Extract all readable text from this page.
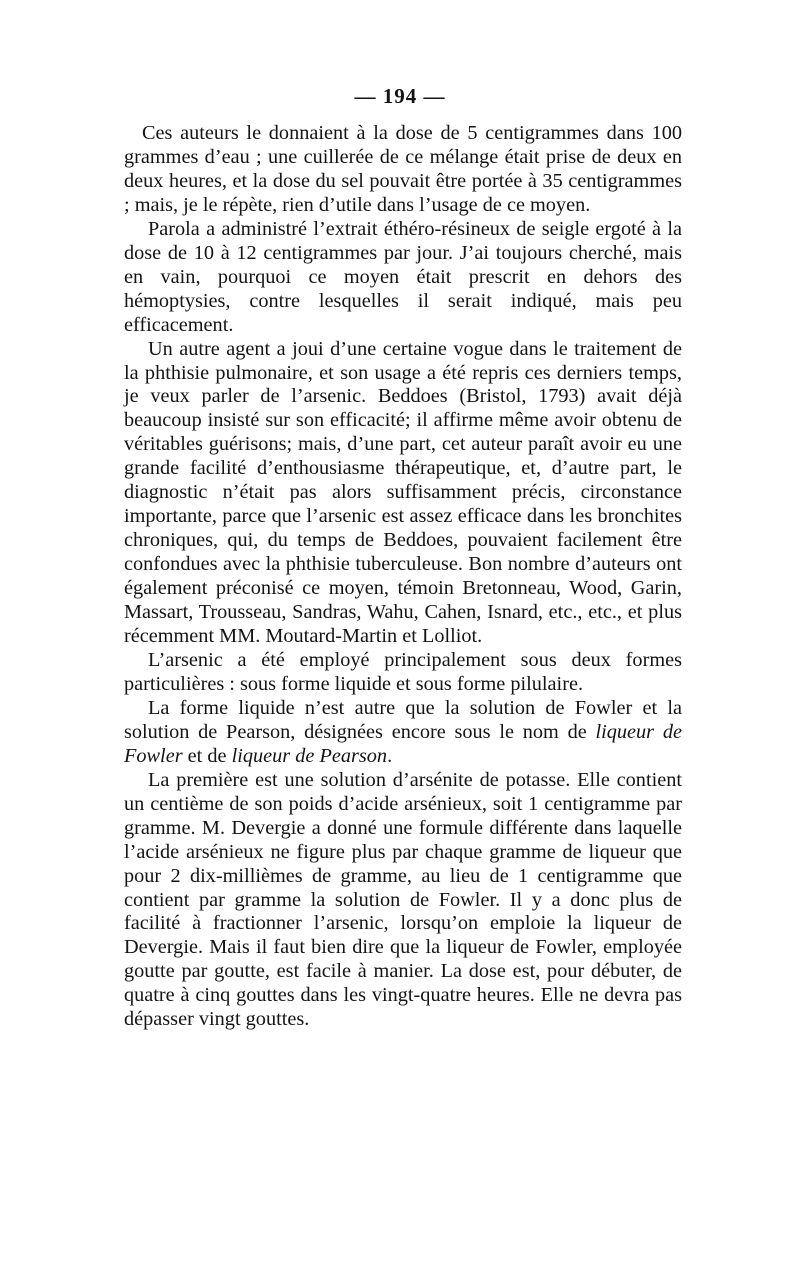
— 194 —

Ces auteurs le donnaient à la dose de 5 centigrammes dans 100 grammes d’eau ; une cuillerée de ce mélange était prise de deux en deux heures, et la dose du sel pouvait être portée à 35 centigrammes ; mais, je le répète, rien d’utile dans l’usage de ce moyen.

Parola a administré l’extrait éthéro-résineux de seigle ergoté à la dose de 10 à 12 centigrammes par jour. J’ai toujours cherché, mais en vain, pourquoi ce moyen était prescrit en dehors des hémoptysies, contre lesquelles il serait indiqué, mais peu efficacement.

Un autre agent a joui d’une certaine vogue dans le traitement de la phthisie pulmonaire, et son usage a été repris ces derniers temps, je veux parler de l’arsenic. Beddoes (Bristol, 1793) avait déjà beaucoup insisté sur son efficacité; il affirme même avoir obtenu de véritables guérisons; mais, d’une part, cet auteur paraît avoir eu une grande facilité d’enthousiasme thérapeutique, et, d’autre part, le diagnostic n’était pas alors suffisamment précis, circonstance importante, parce que l’arsenic est assez efficace dans les bronchites chroniques, qui, du temps de Beddoes, pouvaient facilement être confondues avec la phthisie tuberculeuse. Bon nombre d’auteurs ont également préconisé ce moyen, témoin Bretonneau, Wood, Garin, Massart, Trousseau, Sandras, Wahu, Cahen, Isnard, etc., etc., et plus récemment MM. Moutard-Martin et Lolliot.

L’arsenic a été employé principalement sous deux formes particulières : sous forme liquide et sous forme pilulaire.

La forme liquide n’est autre que la solution de Fowler et la solution de Pearson, désignées encore sous le nom de liqueur de Fowler et de liqueur de Pearson.

La première est une solution d’arsénite de potasse. Elle contient un centième de son poids d’acide arsénieux, soit 1 centigramme par gramme. M. Devergie a donné une formule différente dans laquelle l’acide arsénieux ne figure plus par chaque gramme de liqueur que pour 2 dix-millièmes de gramme, au lieu de 1 centigramme que contient par gramme la solution de Fowler. Il y a donc plus de facilité à fractionner l’arsenic, lorsqu’on emploie la liqueur de Devergie. Mais il faut bien dire que la liqueur de Fowler, employée goutte par goutte, est facile à manier. La dose est, pour débuter, de quatre à cinq gouttes dans les vingt-quatre heures. Elle ne devra pas dépasser vingt gouttes.
